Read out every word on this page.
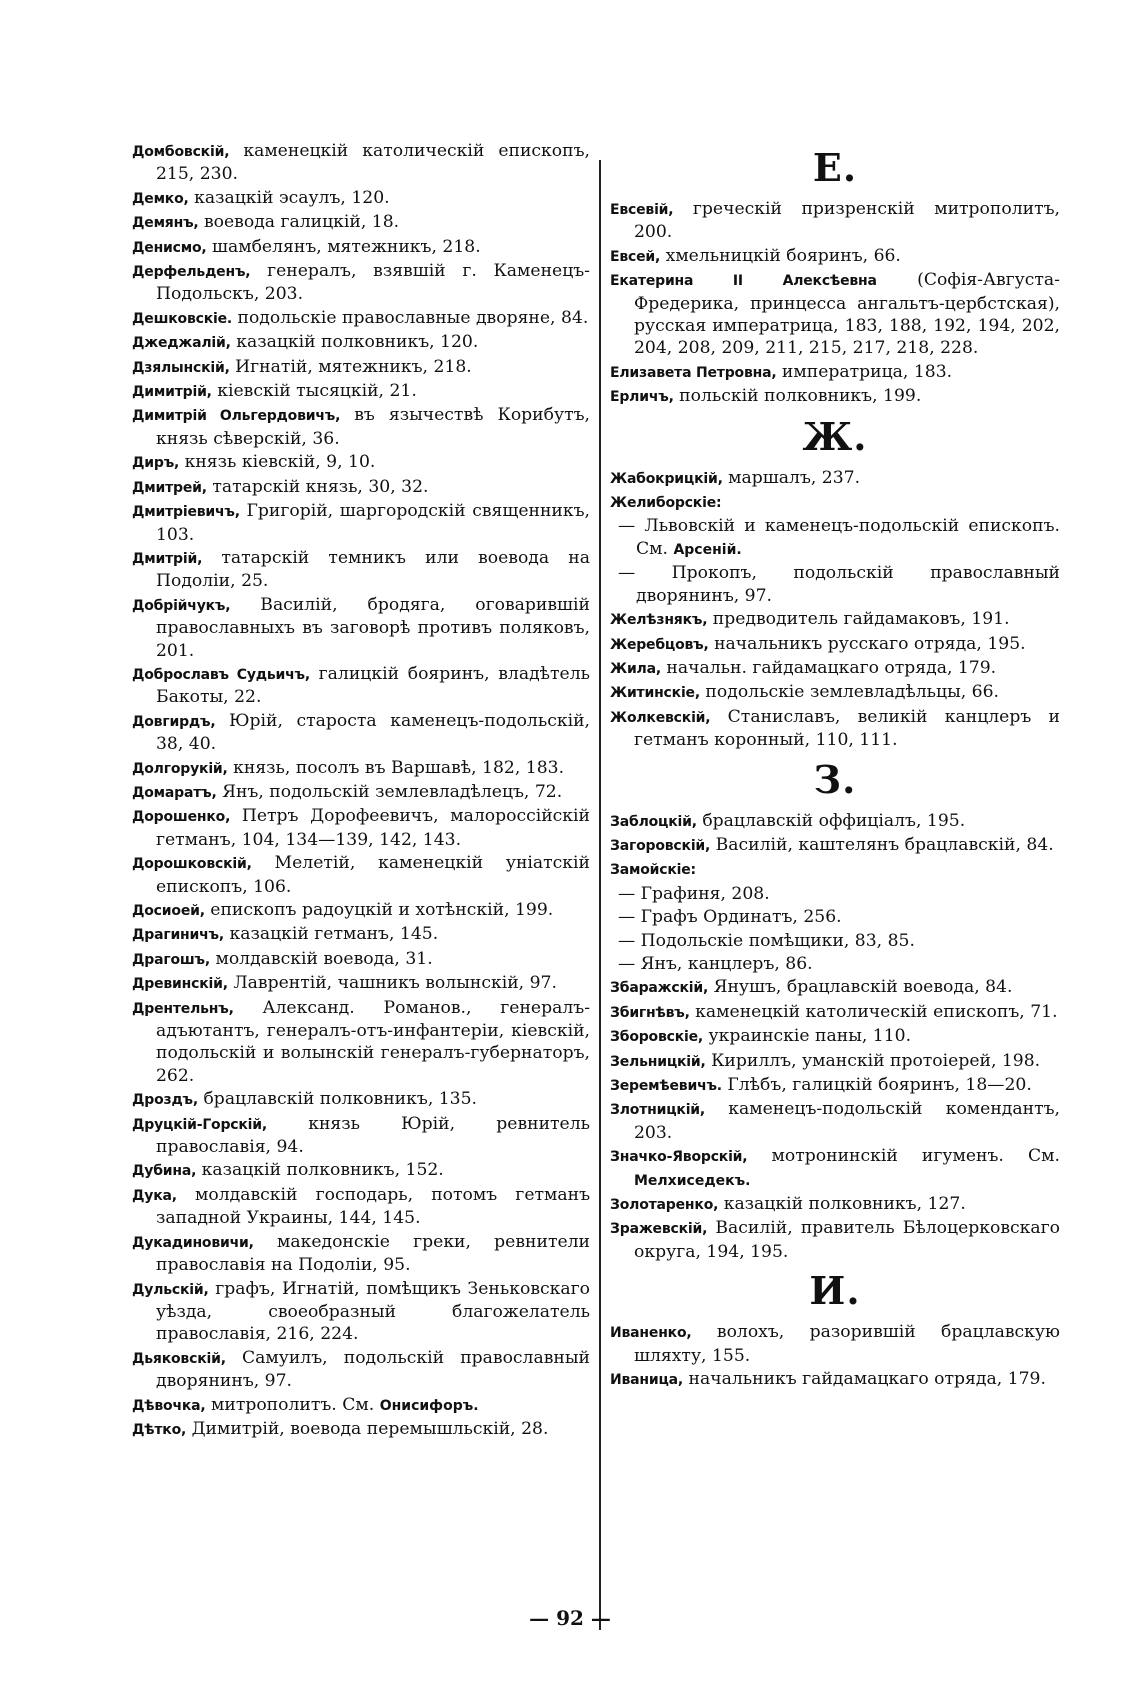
Домбовскій, каменецкій католическій епископъ, 215, 230.
Демко, казацкій эсаулъ, 120.
Демянъ, воевода галицкій, 18.
Денисмо, шамбелянъ, мятежникъ, 218.
Дерфельденъ, генералъ, взявшій г. Каменецъ-Подольскъ, 203.
Дешковскіе. подольскіе православные дворяне, 84.
Джеджалій, казацкій полковникъ, 120.
Дзялынскій, Игнатій, мятежникъ, 218.
Димитрій, кіевскій тысяцкій, 21.
Димитрій Ольгердовичъ, въ язычествѣ Корибутъ, князь сѣверскій, 36.
Диръ, князь кіевскій, 9, 10.
Дмитрей, татарскій князь, 30, 32.
Дмитріевичъ, Григорій, шаргородскій священникъ, 103.
Дмитрій, татарскій темникъ или воевода на Подоліи, 25.
Добрійчукъ, Василій, бродяга, оговарившій православныхъ въ заговорѣ противъ поляковъ, 201.
Доброславъ Судьичъ, галицкій бояринъ, владѣтель Бакоты, 22.
Довгирдъ, Юрій, староста каменецъ-подольскій, 38, 40.
Долгорукій, князь, посолъ въ Варшавѣ, 182, 183.
Домаратъ, Янъ, подольскій землевладѣлецъ, 72.
Дорошенко, Петръ Дорофеевичъ, малороссійскій гетманъ, 104, 134—139, 142, 143.
Дорошковскій, Мелетій, каменецкій уніатскій епископъ, 106.
Досиоей, епископъ радоуцкій и хотѣнскій, 199.
Драгиничъ, казацкій гетманъ, 145.
Драгошъ, молдавскій воевода, 31.
Древинскій, Лаврентій, чашникъ волынскій, 97.
Дрентельнъ, Александ. Романов., генералъ-адъютантъ, генералъ-отъ-инфантеріи, кіевскій, подольскій и волынскій генералъ-губернаторъ, 262.
Дроздъ, брацлавскій полковникъ, 135.
Друцкій-Горскій, князь Юрій, ревнитель православія, 94.
Дубина, казацкій полковникъ, 152.
Дука, молдавскій господарь, потомъ гетманъ западной Украины, 144, 145.
Дукадиновичи, македонскіе греки, ревнители православія на Подоліи, 95.
Дульскій, графъ, Игнатій, помѣщикъ Зеньковскаго уѣзда, своеобразный благожелатель православія, 216, 224.
Дьяковскій, Самуилъ, подольскій православный дворянинъ, 97.
Дѣвочка, митрополитъ. См. Онисифоръ.
Дѣтко, Димитрій, воевода перемышльскій, 28.
Е.
Евсевій, греческій призренскій митрополитъ, 200.
Евсей, хмельницкій бояринъ, 66.
Екатерина II Алексѣевна (Софія-Августа-Фредерика, принцесса ангальтъ-цербстская), русская императрица, 183, 188, 192, 194, 202, 204, 208, 209, 211, 215, 217, 218, 228.
Елизавета Петровна, императрица, 183.
Ерличъ, польскій полковникъ, 199.
Ж.
Жабокрицкій, маршалъ, 237.
Желиборскіе:
— Львовскій и каменецъ-подольскій епископъ. См. Арсеній.
— Прокопъ, подольскій православный дворянинъ, 97.
Желѣзнякъ, предводитель гайдамаковъ, 191.
Жеребцовъ, начальникъ русскаго отряда, 195.
Жила, начальн. гайдамацкаго отряда, 179.
Житинскіе, подольскіе землевладѣльцы, 66.
Жолкевскій, Станиславъ, великій канцлеръ и гетманъ коронный, 110, 111.
З.
Заблоцкій, брацлавскій оффиціалъ, 195.
Загоровскій, Василій, каштелянъ брацлавскій, 84.
Замойскіе:
— Графиня, 208.
— Графъ Ординатъ, 256.
— Подольскіе помѣщики, 83, 85.
— Янъ, канцлеръ, 86.
Збаражскій, Янушъ, брацлавскій воевода, 84.
Збигнѣвъ, каменецкій католическій епископъ, 71.
Зборовскіе, украинскіе паны, 110.
Зельницкій, Кириллъ, уманскій протоіерей, 198.
Зеремѣевичъ. Глѣбъ, галицкій бояринъ, 18—20.
Злотницкій, каменецъ-подольскій комендантъ, 203.
Значко-Яворскій, мотронинскій игуменъ. См. Мелхиседекъ.
Золотаренко, казацкій полковникъ, 127.
Зражевскій, Василій, правитель Бѣлоцерковскаго округа, 194, 195.
И.
Иваненко, волохъ, разорившій брацлавскую шляхту, 155.
Иваница, начальникъ гайдамацкаго отряда, 179.
— 92 —
